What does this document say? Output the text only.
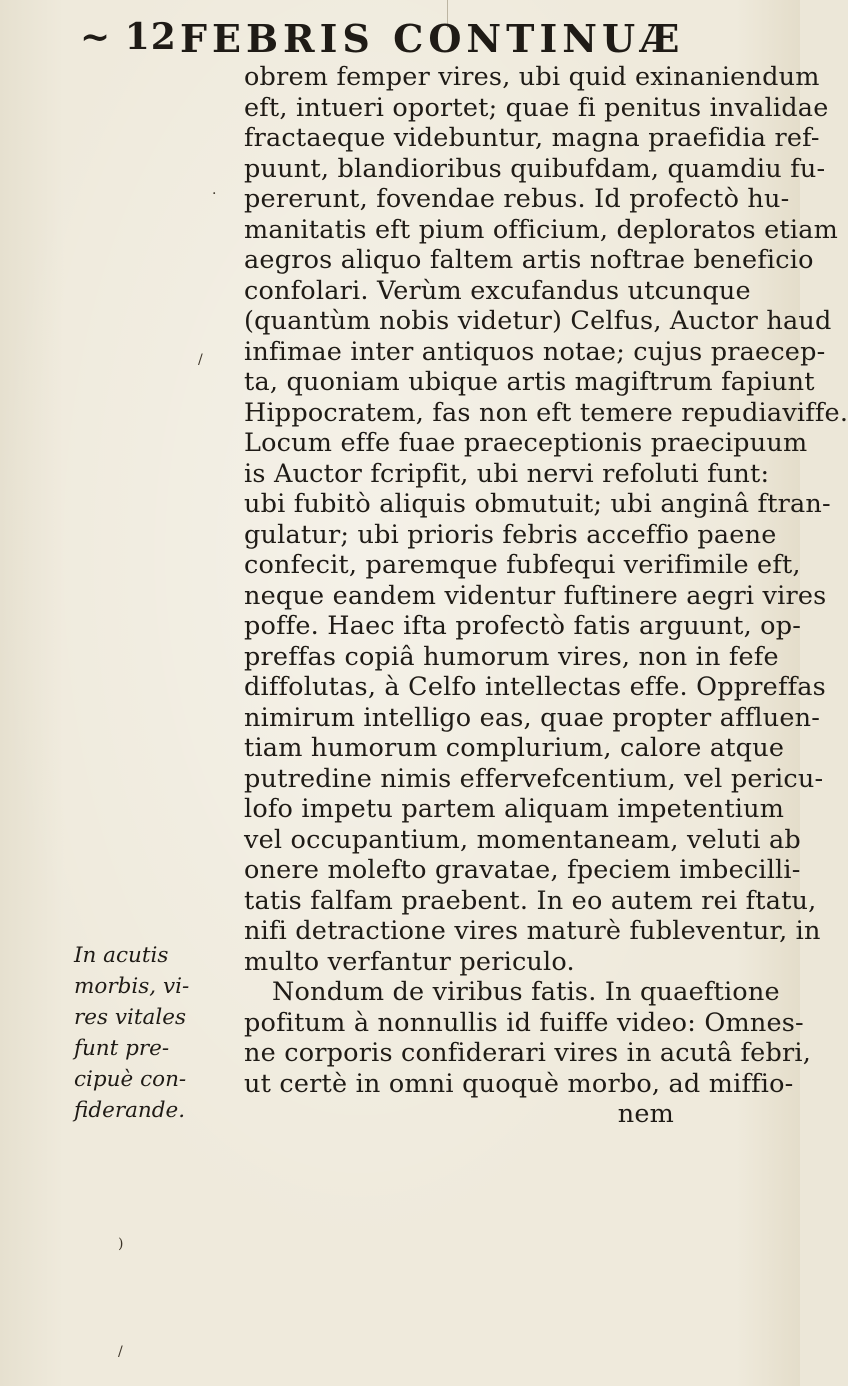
~ 12 FEBRIS CONTINUÆ
obrem femper vires, ubi quid exinaniendum
eft, intueri oportet; quae fi penitus invalidae
fractaeque videbuntur, magna praefidia ref-
puunt, blandioribus quibufdam, quamdiu fu-
pererunt, fovendae rebus. Id profectò hu-
manitatis eft pium officium, deploratos etiam
aegros aliquo faltem artis noftrae beneficio
confolari. Verùm excufandus utcunque
(quantùm nobis videtur) Celfus, Auctor haud
infimae inter antiquos notae; cujus praecep-
ta, quoniam ubique artis magiftrum fapiunt
Hippocratem, fas non eft temere repudiaviffe.
Locum effe fuae praeceptionis praecipuum
is Auctor fcripfit, ubi nervi refoluti funt:
ubi fubitò aliquis obmutuit; ubi anginâ ftran-
gulatur; ubi prioris febris acceffio paene
confecit, paremque fubfequi verifimile eft,
neque eandem videntur fuftinere aegri vires
poffe. Haec ifta profectò fatis arguunt, op-
preffas copiâ humorum vires, non in fefe
diffolutas, à Celfo intellectas effe. Oppreffas
nimirum intelligo eas, quae propter affluen-
tiam humorum complurium, calore atque
putredine nimis effervefcentium, vel pericu-
lofo impetu partem aliquam impetentium
vel occupantium, momentaneam, veluti ab
onere molefto gravatae, fpeciem imbecilli-
tatis falfam praebent. In eo autem rei ftatu,
nifi detractione vires maturè fubleventur, in
multo verfantur periculo.
Nondum de viribus fatis. In quaeftione
pofitum à nonnullis id fuiffe video: Omnes-
ne corporis confiderari vires in acutâ febri,
ut certè in omni quoquè morbo, ad miffio-
nem
In acutis
morbis, vi-
res vitales
funt pre-
cipuè con-
fiderande.
·
/
)
/
